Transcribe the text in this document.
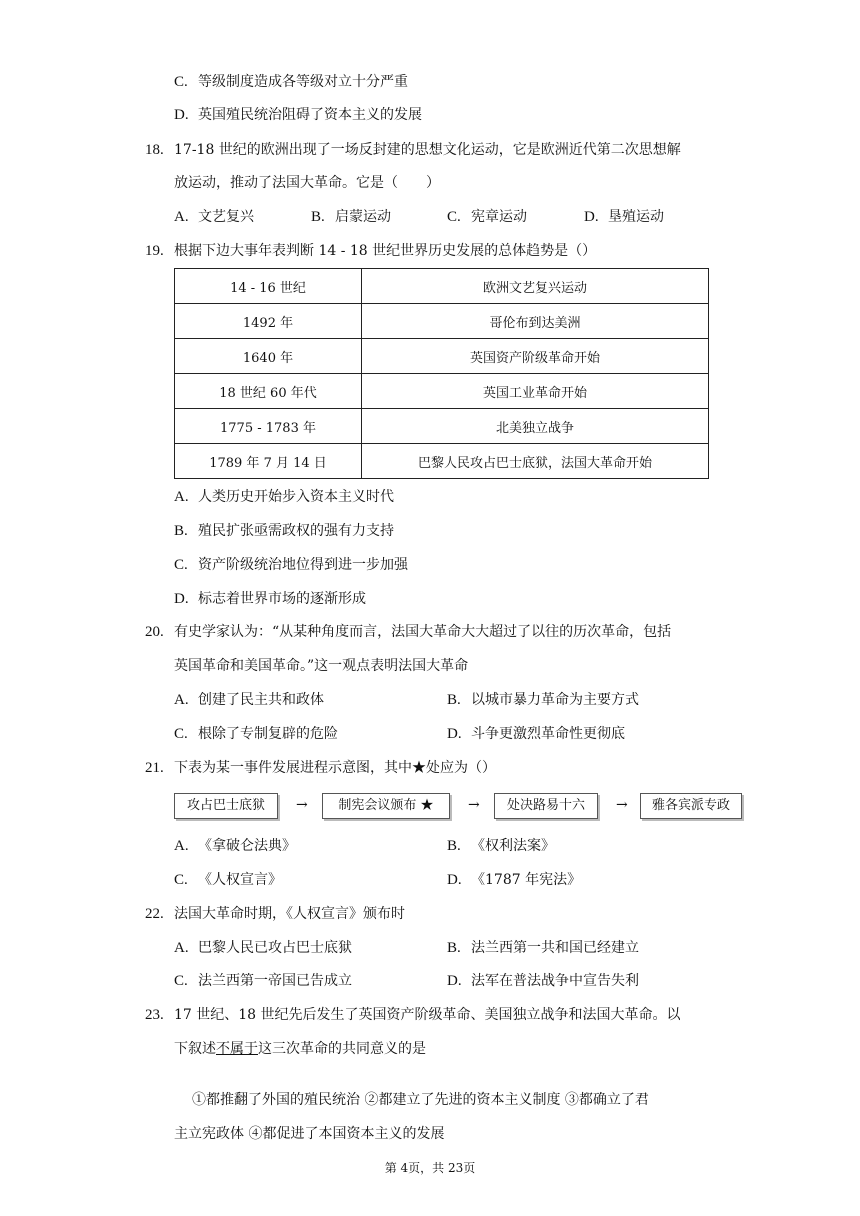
C. 等级制度造成各等级对立十分严重
D. 英国殖民统治阻碍了资本主义的发展
18. 17-18 世纪的欧洲出现了一场反封建的思想文化运动，它是欧洲近代第二次思想解
放运动，推动了法国大革命。它是（　　）
A. 文艺复兴	B. 启蒙运动	C. 宪章运动	D. 垦殖运动
19. 根据下边大事年表判断 14 - 18 世纪世界历史发展的总体趋势是（）
14 - 16 世纪	欧洲文艺复兴运动
1492 年	哥伦布到达美洲
1640 年	英国资产阶级革命开始
18 世纪 60 年代	英国工业革命开始
1775 - 1783 年	北美独立战争
1789 年 7 月 14 日	巴黎人民攻占巴士底狱，法国大革命开始
A. 人类历史开始步入资本主义时代
B. 殖民扩张亟需政权的强有力支持
C. 资产阶级统治地位得到进一步加强
D. 标志着世界市场的逐渐形成
20. 有史学家认为：“从某种角度而言，法国大革命大大超过了以往的历次革命，包括
英国革命和美国革命。”这一观点表明法国大革命
A. 创建了民主共和政体	B. 以城市暴力革命为主要方式
C. 根除了专制复辟的危险	D. 斗争更激烈革命性更彻底
21. 下表为某一事件发展进程示意图，其中★处应为（）
攻占巴士底狱	→	制宪会议颁布 ★	→	处决路易十六	→	雅各宾派专政
A. 《拿破仑法典》	B. 《权利法案》
C. 《人权宣言》	D. 《1787 年宪法》
22. 法国大革命时期，《人权宣言》颁布时
A. 巴黎人民已攻占巴士底狱	B. 法兰西第一共和国已经建立
C. 法兰西第一帝国已告成立	D. 法军在普法战争中宣告失利
23. 17 世纪、18 世纪先后发生了英国资产阶级革命、美国独立战争和法国大革命。以
下叙述不属于这三次革命的共同意义的是
①都推翻了外国的殖民统治 ②都建立了先进的资本主义制度 ③都确立了君
主立宪政体 ④都促进了本国资本主义的发展
第 4页，共 23页
